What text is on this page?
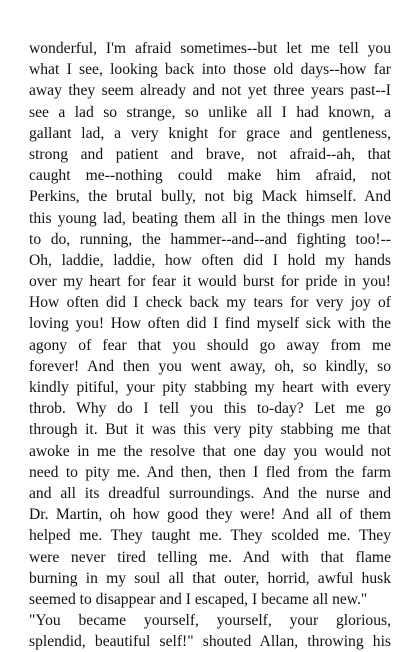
wonderful, I'm afraid sometimes--but let me tell you
what I see, looking back into those old days--how far
away they seem already and not yet three years past--I
see a lad so strange, so unlike all I had known, a
gallant lad, a very knight for grace and gentleness,
strong and patient and brave, not afraid--ah, that
caught me--nothing could make him afraid, not
Perkins, the brutal bully, not big Mack himself. And
this young lad, beating them all in the things men love
to do, running, the hammer--and--and fighting too!--
Oh, laddie, laddie, how often did I hold my hands
over my heart for fear it would burst for pride in you!
How often did I check back my tears for very joy of
loving you! How often did I find myself sick with the
agony of fear that you should go away from me
forever! And then you went away, oh, so kindly, so
kindly pitiful, your pity stabbing my heart with every
throb. Why do I tell you this to-day? Let me go
through it. But it was this very pity stabbing me that
awoke in me the resolve that one day you would not
need to pity me. And then, then I fled from the farm
and all its dreadful surroundings. And the nurse and
Dr. Martin, oh how good they were! And all of them
helped me. They taught me. They scolded me. They
were never tired telling me. And with that flame
burning in my soul all that outer, horrid, awful husk
seemed to disappear and I escaped, I became all new."
"You became yourself, yourself, your glorious,
splendid, beautiful self!" shouted Allan, throwing his
